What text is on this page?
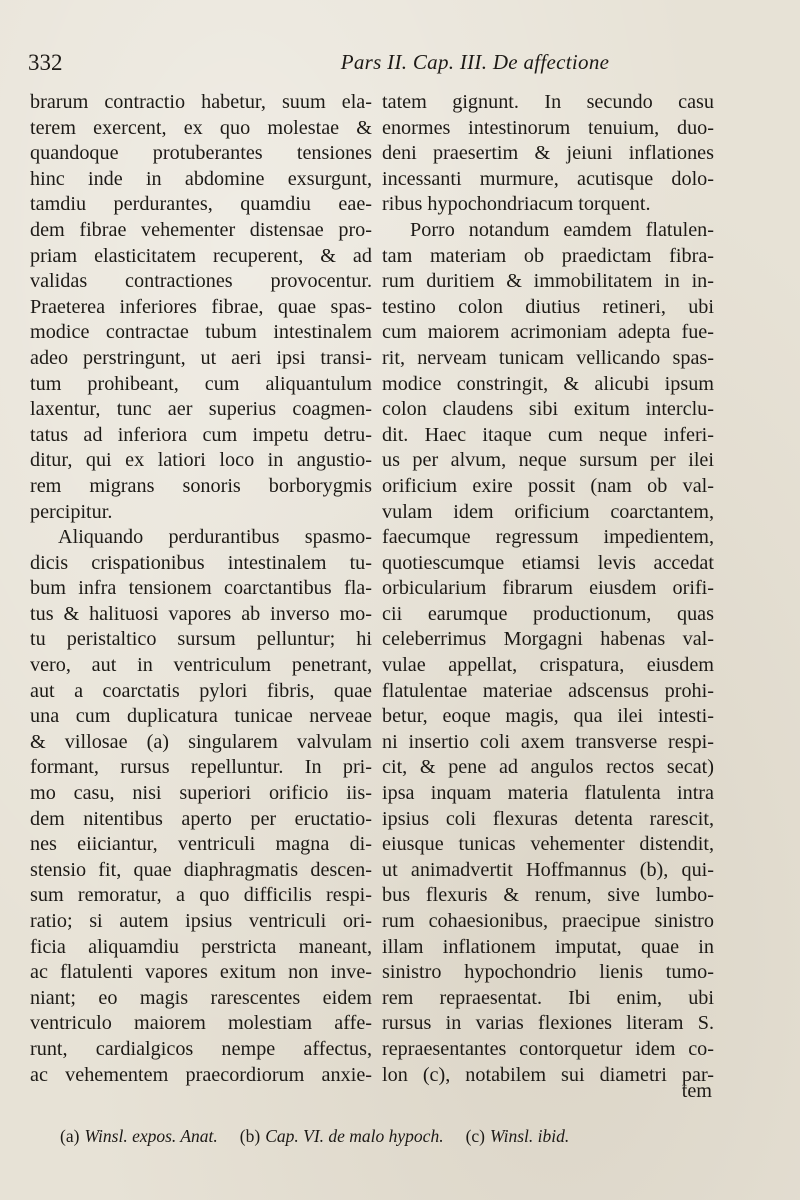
332	Pars II. Cap. III. De affectione
brarum contractio habetur, suum ela-
terem exercent, ex quo molestae &
quandoque protuberantes tensiones
hinc inde in abdomine exsurgunt,
tamdiu perdurantes, quamdiu eae-
dem fibrae vehementer distensae pro-
priam elasticitatem recuperent, & ad
validas contractiones provocentur.
Praeterea inferiores fibrae, quae spas-
modice contractae tubum intestinalem
adeo perstringunt, ut aeri ipsi transi-
tum prohibeant, cum aliquantulum
laxentur, tunc aer superius coagmen-
tatus ad inferiora cum impetu detru-
ditur, qui ex latiori loco in angustio-
rem migrans sonoris borborygmis
percipitur.
Aliquando perdurantibus spasmo-
dicis crispationibus intestinalem tu-
bum infra tensionem coarctantibus fla-
tus & halituosi vapores ab inverso mo-
tu peristaltico sursum pelluntur; hi
vero, aut in ventriculum penetrant,
aut a coarctatis pylori fibris, quae
una cum duplicatura tunicae nerveae
& villosae (a) singularem valvulam
formant, rursus repelluntur. In pri-
mo casu, nisi superiori orificio iis-
dem nitentibus aperto per eructatio-
nes eiiciantur, ventriculi magna di-
stensio fit, quae diaphragmatis descen-
sum remoratur, a quo difficilis respi-
ratio; si autem ipsius ventriculi ori-
ficia aliquamdiu perstricta maneant,
ac flatulenti vapores exitum non inve-
niant; eo magis rarescentes eidem
ventriculo maiorem molestiam affe-
runt, cardialgicos nempe affectus,
ac vehementem praecordiorum anxie-
tatem gignunt. In secundo casu
enormes intestinorum tenuium, duo-
deni praesertim & jeiuni inflationes
incessanti murmure, acutisque dolo-
ribus hypochondriacum torquent.
Porro notandum eamdem flatulen-
tam materiam ob praedictam fibra-
rum duritiem & immobilitatem in in-
testino colon diutius retineri, ubi
cum maiorem acrimoniam adepta fue-
rit, nerveam tunicam vellicando spas-
modice constringit, & alicubi ipsum
colon claudens sibi exitum interclu-
dit. Haec itaque cum neque inferi-
us per alvum, neque sursum per ilei
orificium exire possit (nam ob val-
vulam idem orificium coarctantem,
faecumque regressum impedientem,
quotiescumque etiamsi levis accedat
orbicularium fibrarum eiusdem orifi-
cii earumque productionum, quas
celeberrimus Morgagni habenas val-
vulae appellat, crispatura, eiusdem
flatulentae materiae adscensus prohi-
betur, eoque magis, qua ilei intesti-
ni insertio coli axem transverse respi-
cit, & pene ad angulos rectos secat)
ipsa inquam materia flatulenta intra
ipsius coli flexuras detenta rarescit,
eiusque tunicas vehementer distendit,
ut animadvertit Hoffmannus (b), qui-
bus flexuris & renum, sive lumbo-
rum cohaesionibus, praecipue sinistro
illam inflationem imputat, quae in
sinistro hypochondrio lienis tumo-
rem repraesentat. Ibi enim, ubi
rursus in varias flexiones literam S.
repraesentantes contorquetur idem co-
lon (c), notabilem sui diametri par-
tem
(a) Winsl. expos. Anat. (b) Cap. VI. de malo hypoch. (c) Winsl. ibid.
